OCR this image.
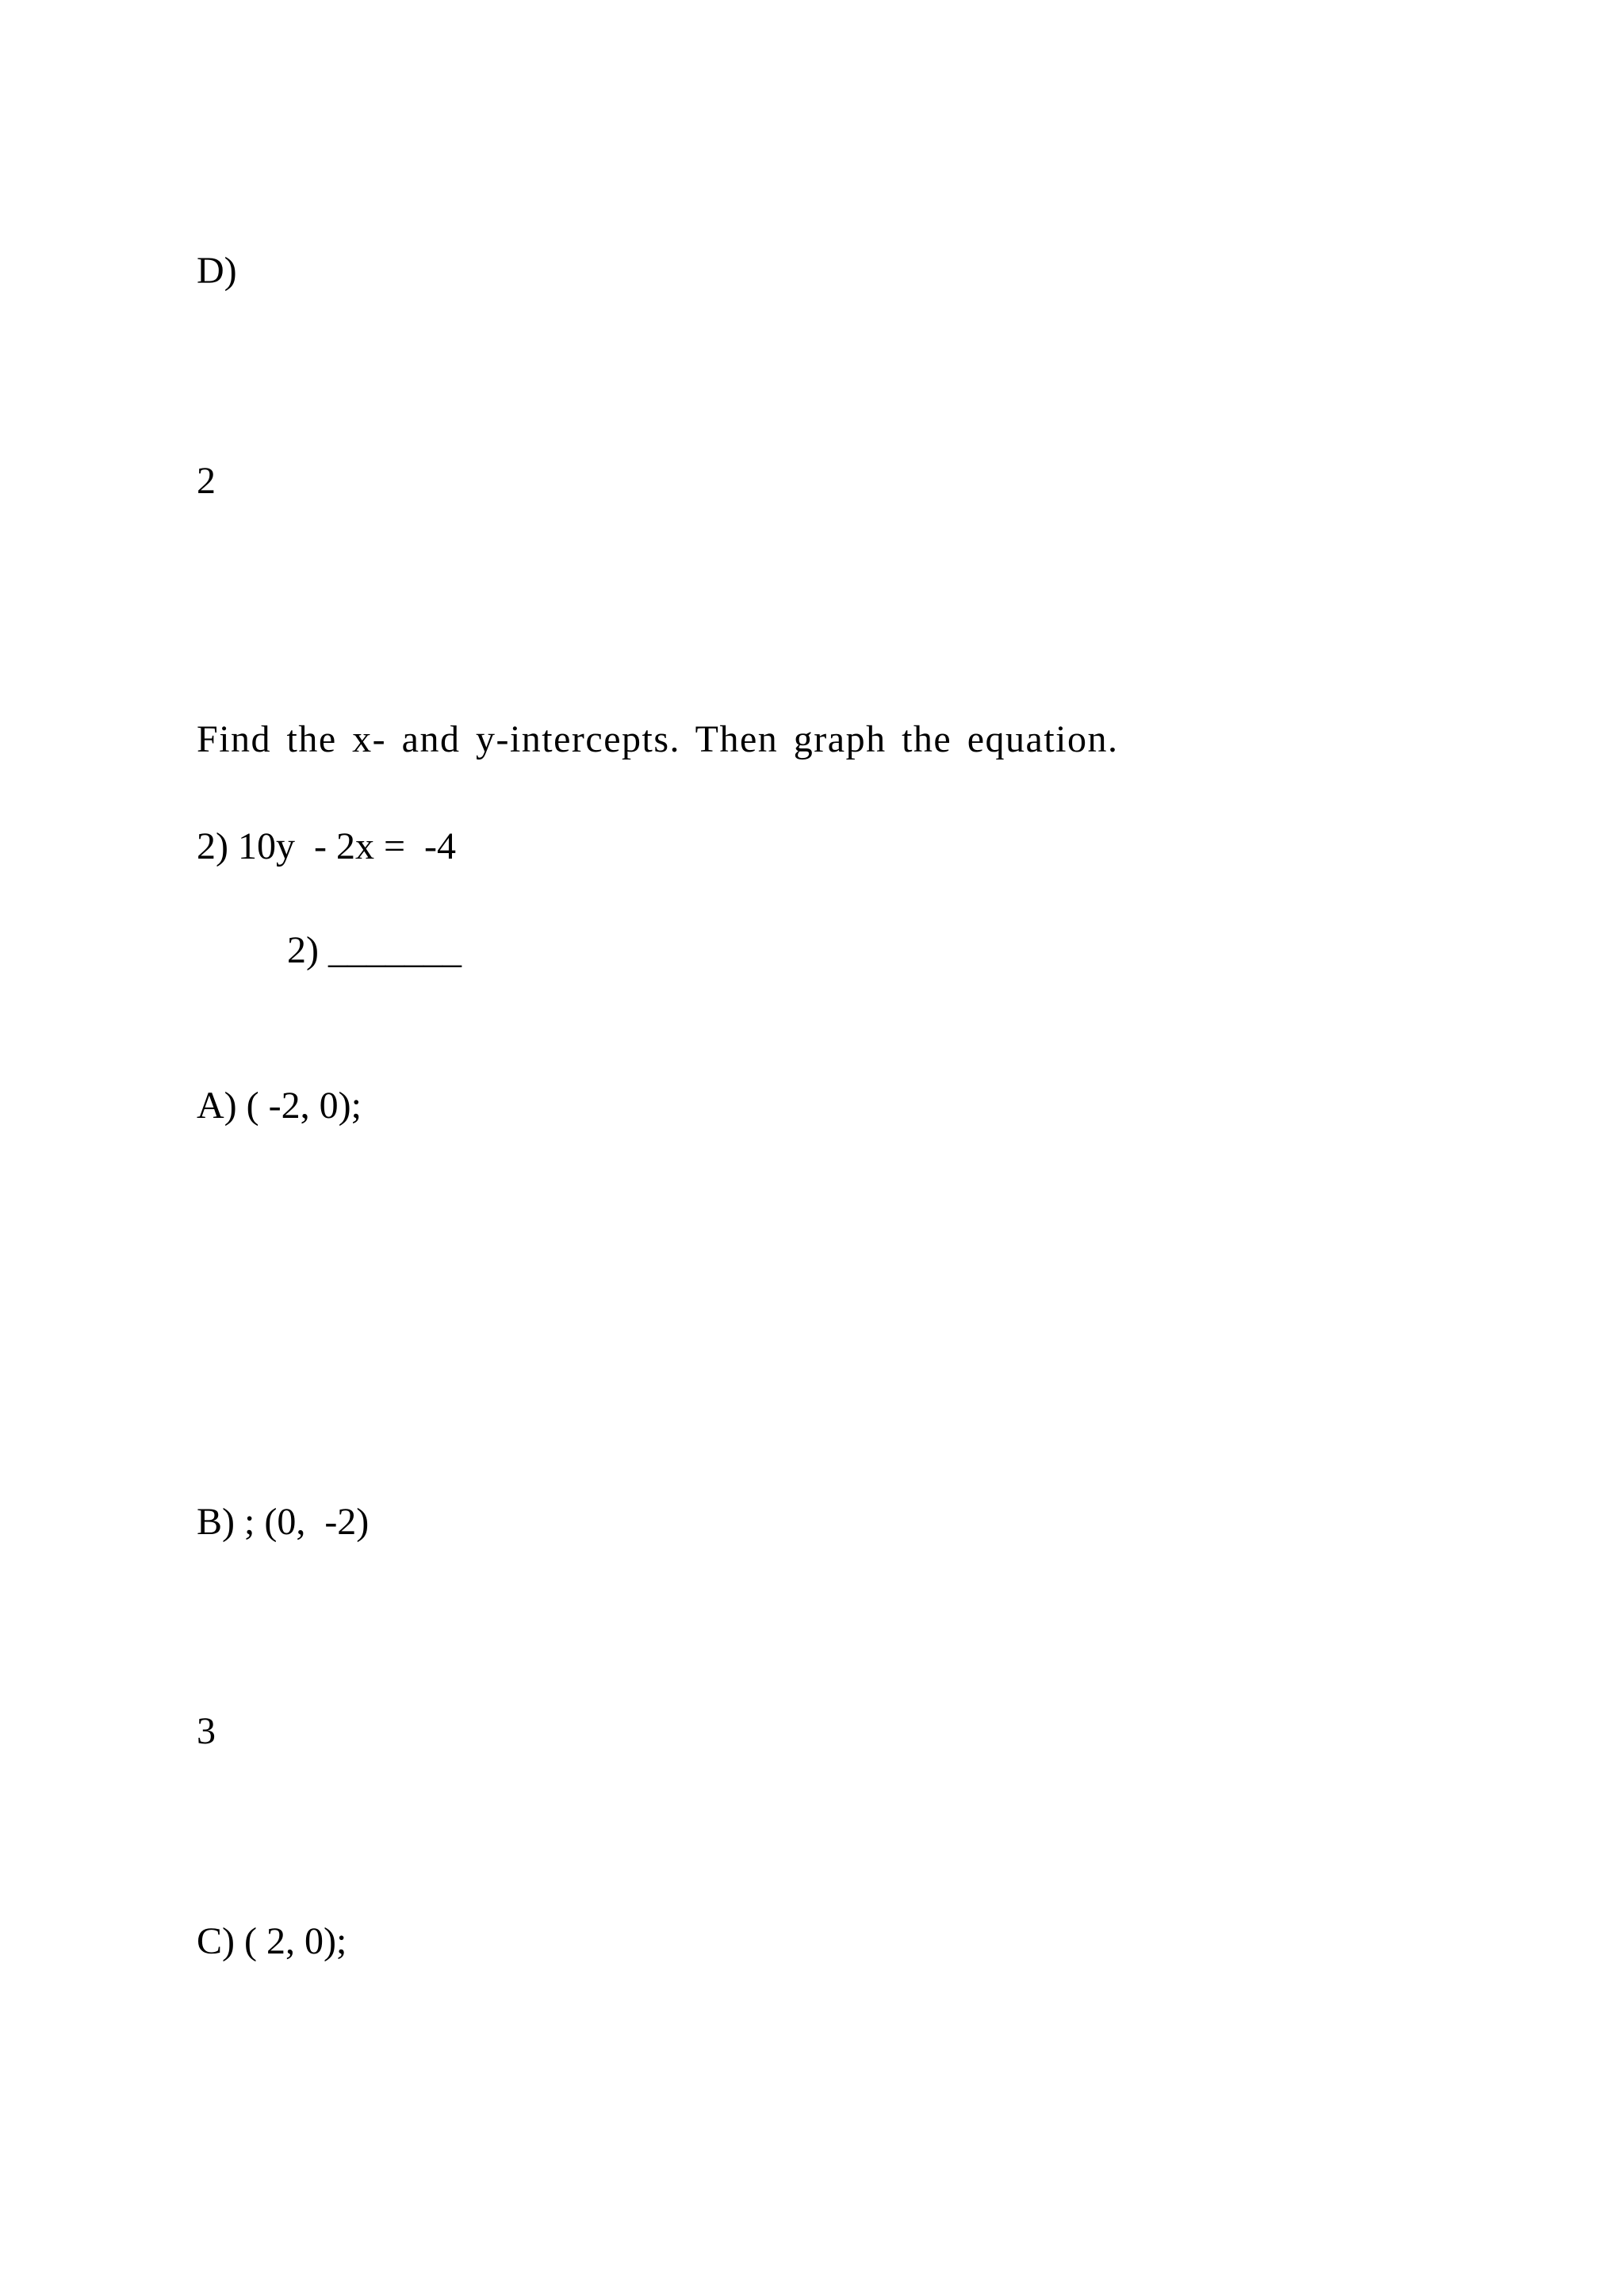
D)
2
Find the x- and y-intercepts. Then graph the equation.
2) 10y  - 2x =  -4
2) _______
A) ( -2, 0);
B) ; (0,  -2)
3
C) ( 2, 0);
